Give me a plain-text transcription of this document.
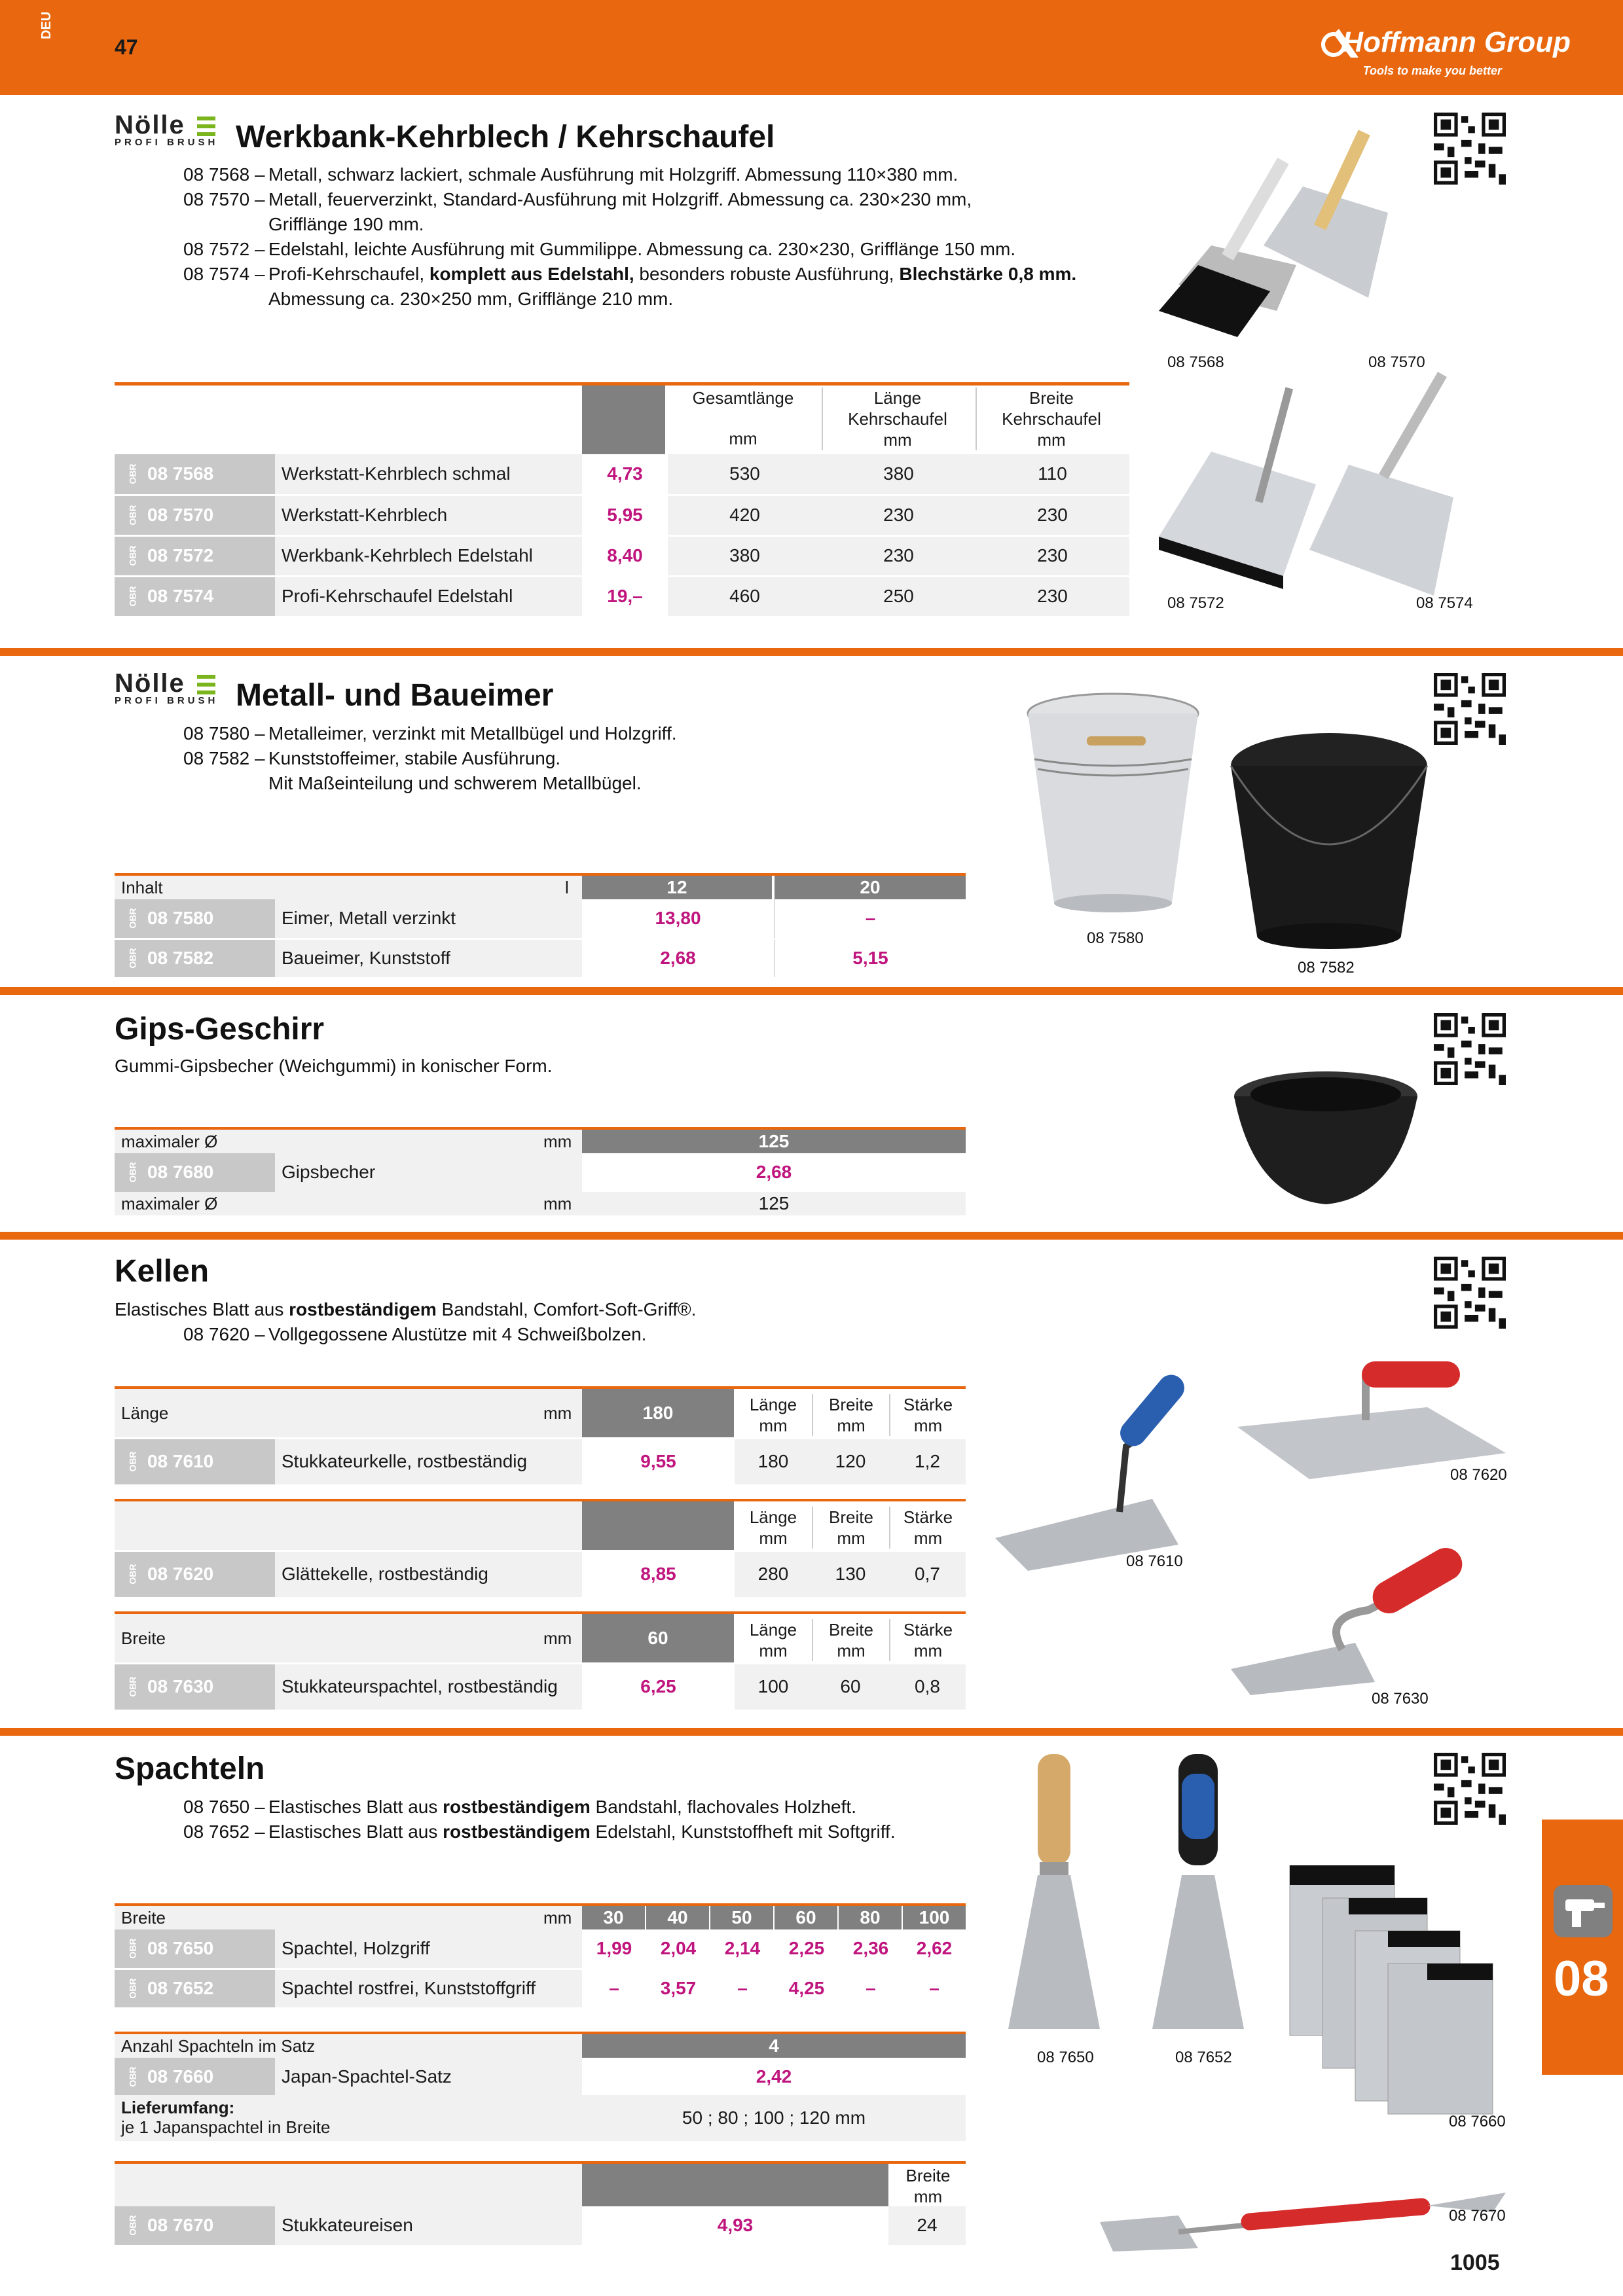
DEU
47	Hoffmann Group
Tools to make you better
Nölle
PROFI BRUSH Werkbank-Kehrblech / Kehrschaufel
08 7568 – Metall, schwarz lackiert, schmale Ausführung mit Holzgriff. Abmessung 110×380 mm.
08 7570 – Metall, feuerverzinkt, Standard-Ausführung mit Holzgriff. Abmessung ca. 230×230 mm,
Grifflänge 190 mm.
08 7572 – Edelstahl, leichte Ausführung mit Gummilippe. Abmessung ca. 230×230, Grifflänge 150 mm.
08 7574 – Profi-Kehrschaufel, komplett aus Edelstahl, besonders robuste Ausführung, Blechstärke 0,8 mm.
Abmessung ca. 230×250 mm, Grifflänge 210 mm.
Gesamtlänge
mm
Länge
Kehrschaufel
mm
Breite
Kehrschaufel
mm
OBR 08 7568	Werkstatt-Kehrblech schmal	4,73	530	380	110

OBR 08 7570	Werkstatt-Kehrblech	5,95	420	230	230

OBR 08 7572	Werkbank-Kehrblech Edelstahl	8,40	380	230	230

OBR 08 7574	Profi-Kehrschaufel Edelstahl	19,–	460	250	230
08 7568	08 7570
08 7572	08 7574
Nölle
PROFI BRUSH Metall- und Baueimer
08 7580 – Metalleimer, verzinkt mit Metallbügel und Holzgriff.
08 7582 – Kunststoffeimer, stabile Ausführung.
Mit Maßeinteilung und schwerem Metallbügel.
Inhalt	l	12	20
OBR 08 7580	Eimer, Metall verzinkt	13,80	–

OBR 08 7582	Baueimer, Kunststoff	2,68	5,15
08 7580
08 7582
Gips-Geschirr
Gummi-Gipsbecher (Weichgummi) in konischer Form.
maximaler Ø	mm	125
OBR 08 7680	Gipsbecher	2,68
maximaler Ø	mm	125
Kellen
Elastisches Blatt aus rostbeständigem Bandstahl, Comfort-Soft-Griff®.
08 7620 – Vollgegossene Alustütze mit 4 Schweißbolzen.
Länge	mm	180	Länge
mm
Breite
mm
Stärke
mm
OBR 08 7610	Stukkateurkelle, rostbeständig	9,55	180	120	1,2
Länge
mm
Breite
mm
Stärke
mm
OBR 08 7620	Glättekelle, rostbeständig	8,85	280	130	0,7
Breite	mm	60	Länge
mm
Breite
mm
Stärke
mm
OBR 08 7630	Stukkateurspachtel, rostbeständig	6,25	100	60	0,8
08 7610
08 7620
08 7630
Spachteln
08 7650 – Elastisches Blatt aus rostbeständigem Bandstahl, flachovales Holzheft.
08 7652 – Elastisches Blatt aus rostbeständigem Edelstahl, Kunststoffheft mit Softgriff.
Breite	mm	30	40	50	60	80	100
OBR 08 7650	Spachtel, Holzgriff	1,99	2,04	2,14	2,25	2,36	2,62

OBR 08 7652	Spachtel rostfrei, Kunststoffgriff	–	3,57	–	4,25	–	–
Anzahl Spachteln im Satz	4
OBR 08 7660	Japan-Spachtel-Satz	2,42
Lieferumfang:
je 1 Japanspachtel in Breite	50 ; 80 ; 100 ; 120 mm
Breite
mm
OBR 08 7670	Stukkateureisen	4,93	24
08 7650	08 7652
08 7660
08 7670
08
1005
